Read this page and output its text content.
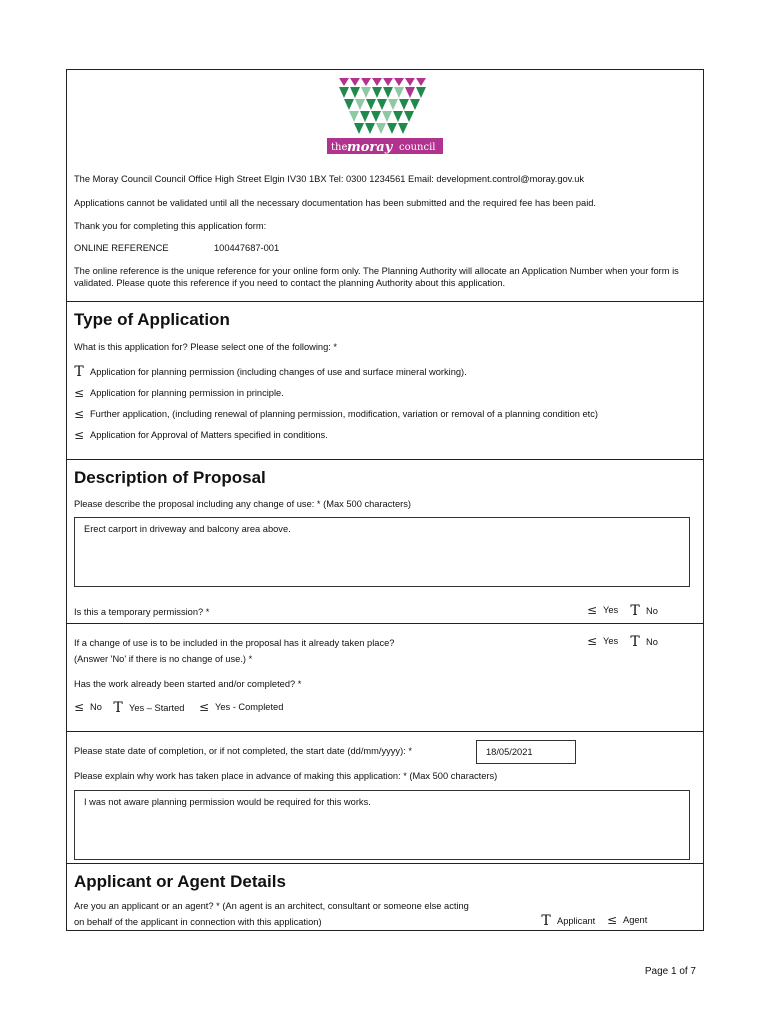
the moray council
The Moray Council Council Office High Street Elgin IV30 1BX Tel: 0300 1234561 Email: development.control@moray.gov.uk
Applications cannot be validated until all the necessary documentation has been submitted and the required fee has been paid.
Thank you for completing this application form:
ONLINE REFERENCE	100447687-001
The online reference is the unique reference for your online form only. The Planning Authority will allocate an Application Number when your form is validated. Please quote this reference if you need to contact the planning Authority about this application.
Type of Application
What is this application for? Please select one of the following: *
T Application for planning permission (including changes of use and surface mineral working).
≤ Application for planning permission in principle.
≤ Further application, (including renewal of planning permission, modification, variation or removal of a planning condition etc)
≤ Application for Approval of Matters specified in conditions.
Description of Proposal
Please describe the proposal including any change of use: * (Max 500 characters)
Erect carport in driveway and balcony area above.
Is this a temporary permission? *	≤ Yes T No
If a change of use is to be included in the proposal has it already taken place?
(Answer 'No' if there is no change of use.) *
≤ Yes T No
Has the work already been started and/or completed? *
≤ No T Yes – Started ≤ Yes - Completed
Please state date of completion, or if not completed, the start date (dd/mm/yyyy): *	18/05/2021
Please explain why work has taken place in advance of making this application: * (Max 500 characters)
I was not aware planning permission would be required for this works.
Applicant or Agent Details
Are you an applicant or an agent? * (An agent is an architect, consultant or someone else acting
on behalf of the applicant in connection with this application)	T Applicant ≤ Agent
Page 1 of 7
